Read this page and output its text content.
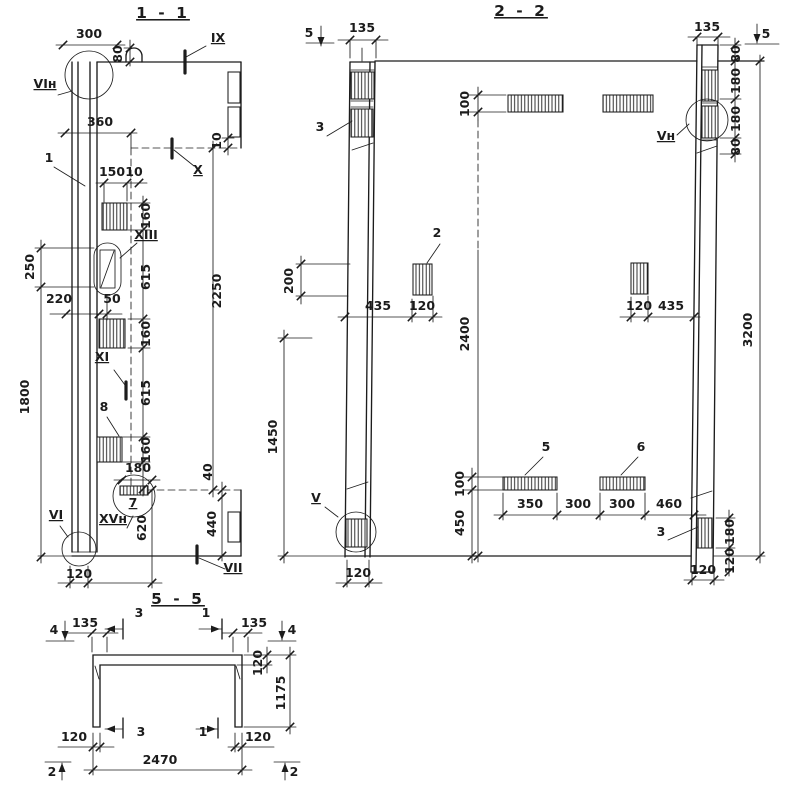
1 - 1
300
80
VIн
IX
360
1
150 10	X
10
160
XIII
615	2250
250
220	50
160
XI
615
1800	8
160
180	40
7
XVн 620	440
VI
VII
120
2 - 2
5	135
3
100
135	5
80
180
180
80
Vн
200
2
435 120
2400
120 435
3200
1450
100
450
5	6
350 300 300 460
3	180
120
120
V
120
5 - 5
4 135
3	1
135 4
120
1175
3	1
120	120
2470
2	2
